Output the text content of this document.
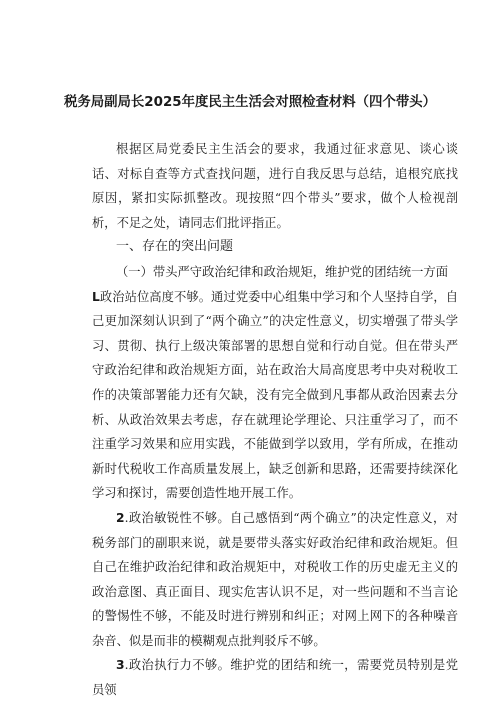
税务局副局长2025年度民主生活会对照检查材料（四个带头）

根据区局党委民主生活会的要求，我通过征求意见、谈心谈话、对标自查等方式查找问题，进行自我反思与总结，追根究底找原因，紧扣实际抓整改。现按照“四个带头”要求，做个人检视剖析，不足之处，请同志们批评指正。

一、存在的突出问题

（一）带头严守政治纪律和政治规矩，维护党的团结统一方面

L政治站位高度不够。通过党委中心组集中学习和个人坚持自学，自己更加深刻认识到了“两个确立”的决定性意义，切实增强了带头学习、贯彻、执行上级决策部署的思想自觉和行动自觉。但在带头严守政治纪律和政治规矩方面，站在政治大局高度思考中央对税收工作的决策部署能力还有欠缺，没有完全做到凡事都从政治因素去分析、从政治效果去考虑，存在就理论学理论、只注重学习了，而不注重学习效果和应用实践，不能做到学以致用，学有所成，在推动新时代税收工作高质量发展上，缺乏创新和思路，还需要持续深化学习和探讨，需要创造性地开展工作。

2.政治敏锐性不够。自己感悟到“两个确立”的决定性意义，对税务部门的副职来说，就是要带头落实好政治纪律和政治规矩。但自己在维护政治纪律和政治规矩中，对税收工作的历史虚无主义的政治意图、真正面目、现实危害认识不足，对一些问题和不当言论的警惕性不够，不能及时进行辨别和纠正；对网上网下的各种噪音杂音、似是而非的模糊观点批判驳斥不够。

3.政治执行力不够。维护党的团结和统一，需要党员特别是党员领
